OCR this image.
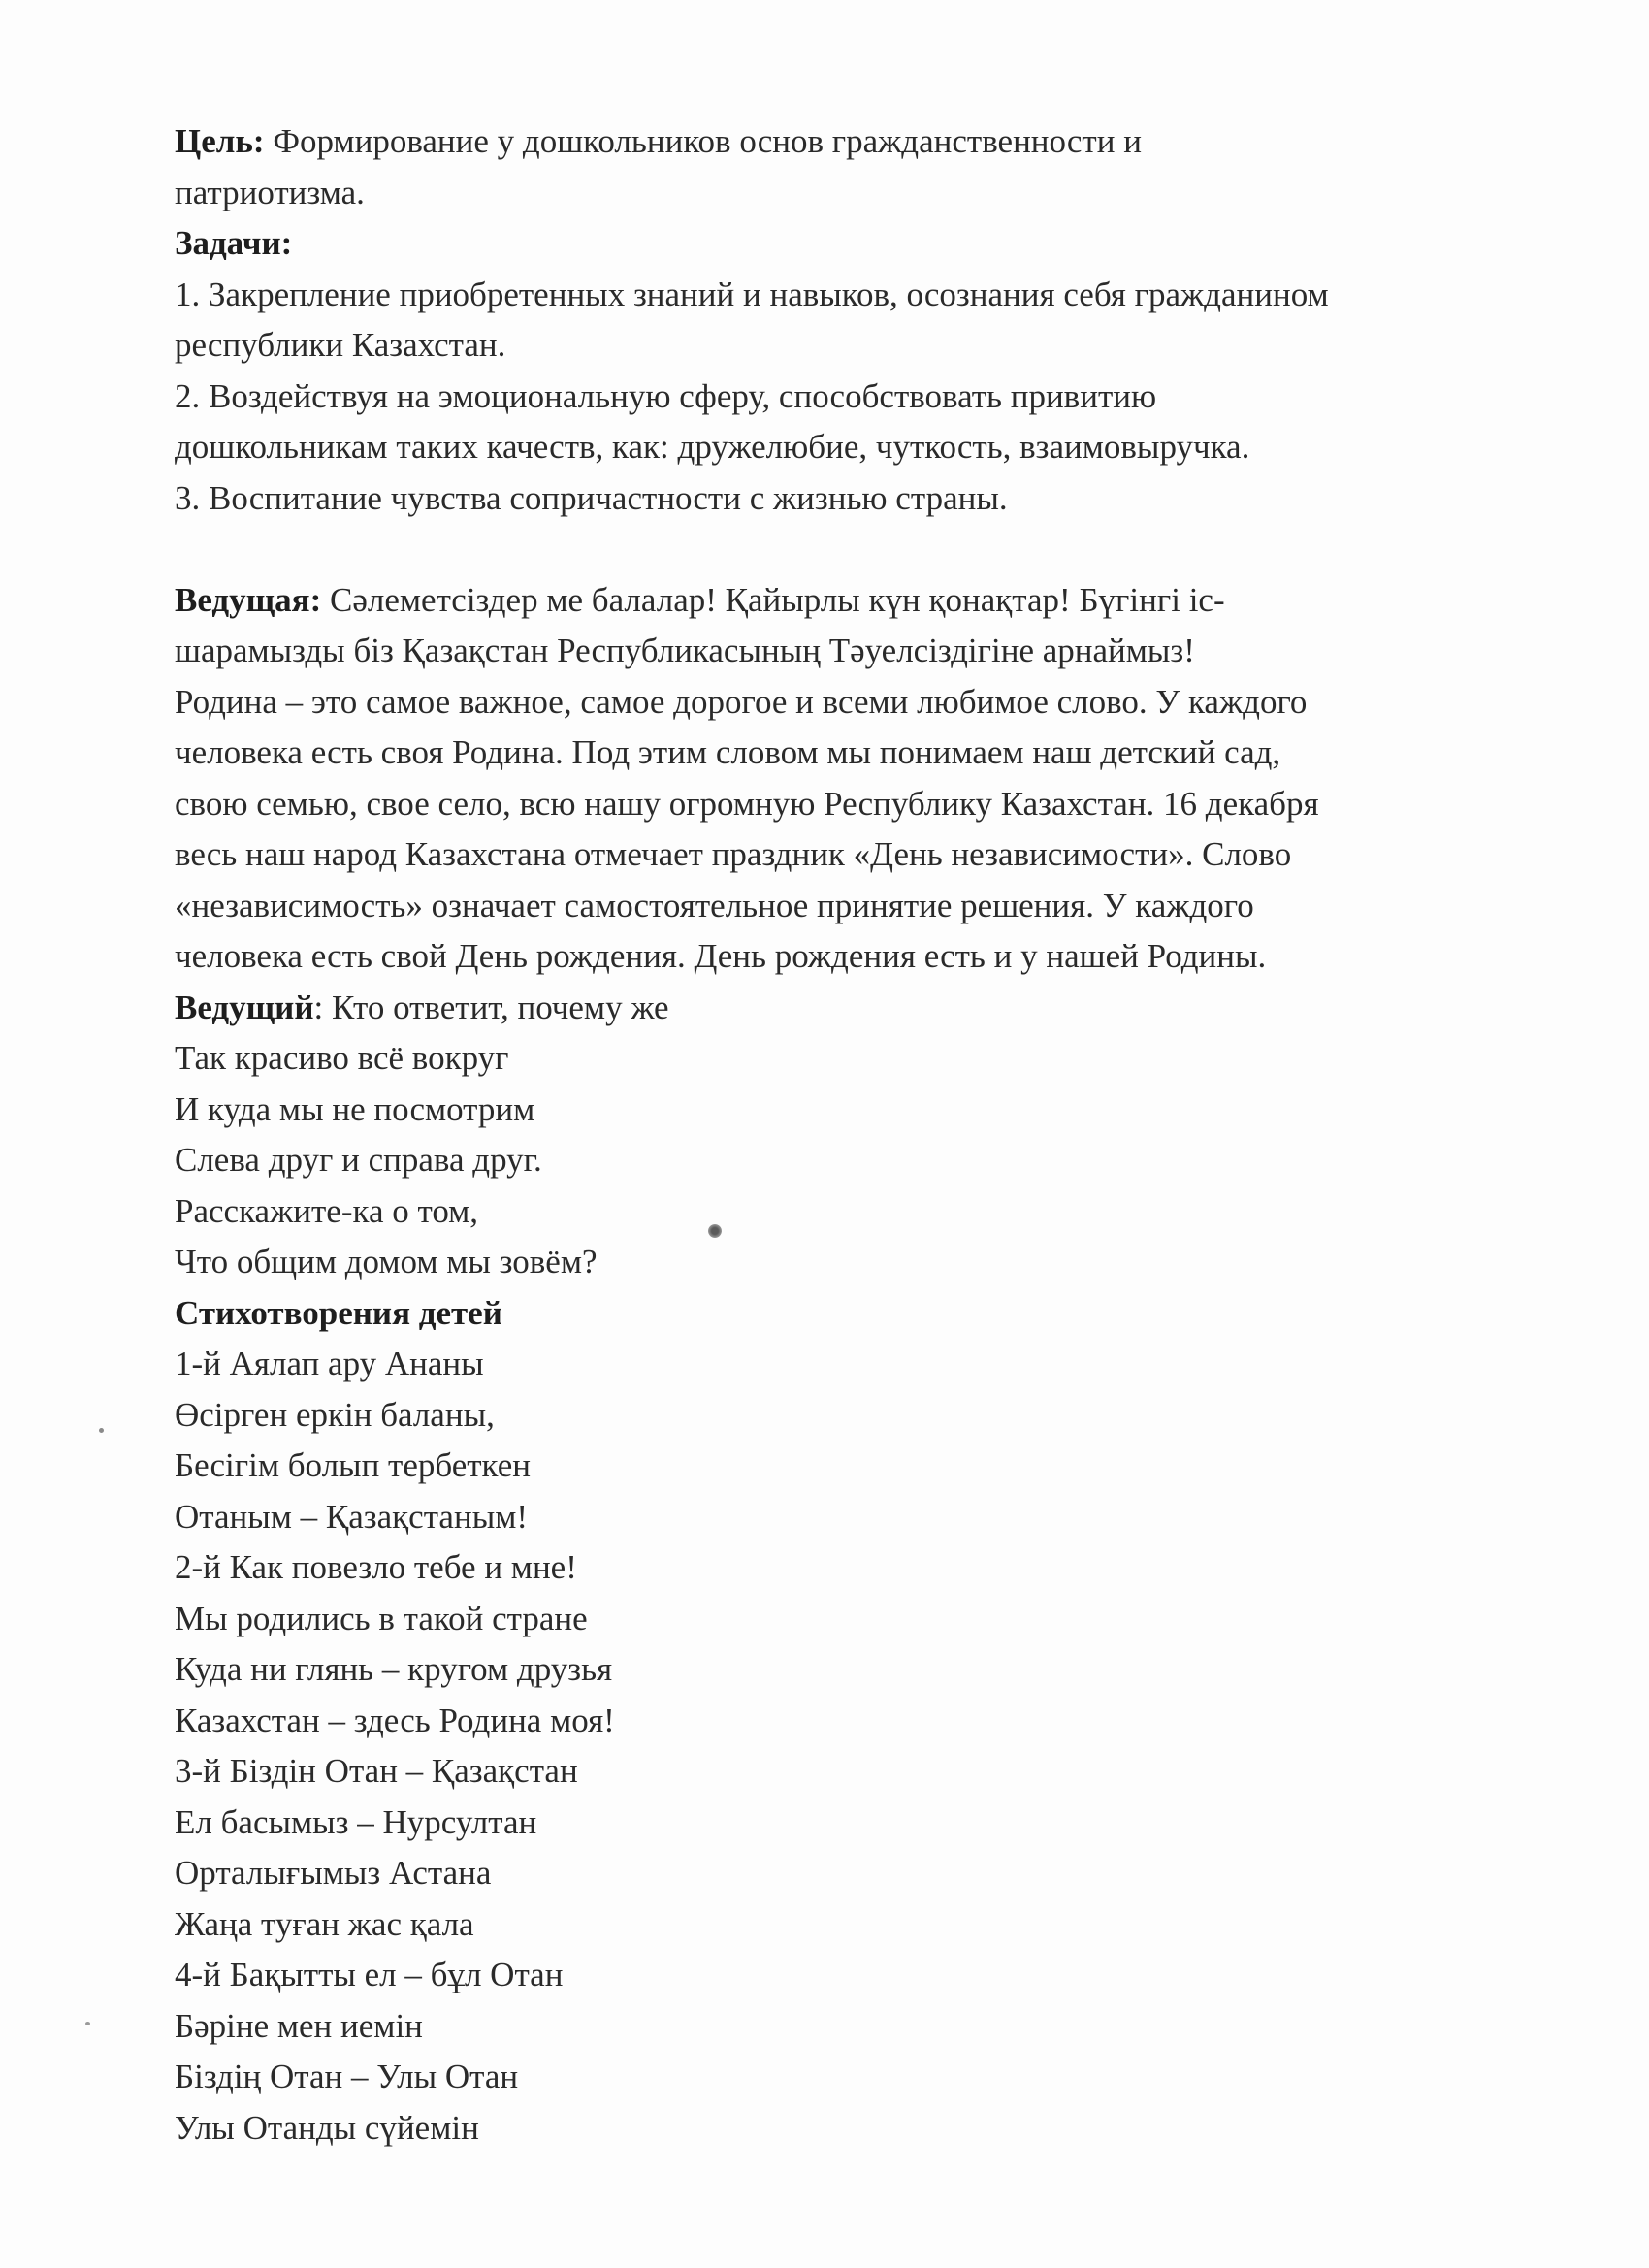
Цель: Формирование у дошкольников основ гражданственности и

патриотизма.

Задачи:

1. Закрепление приобретенных знаний и навыков, осознания себя гражданином

республики Казахстан.

2. Воздействуя на эмоциональную сферу, способствовать привитию

дошкольникам таких качеств, как: дружелюбие, чуткость, взаимовыручка.

3. Воспитание чувства сопричастности с жизнью страны.

Ведущая: Сәлеметсіздер ме балалар! Қайырлы күн қонақтар! Бүгінгі іс-

шарамызды біз Қазақстан Республикасының Тәуелсіздігіне арнаймыз!

Родина – это самое важное, самое дорогое и всеми любимое слово. У каждого

человека есть своя Родина. Под этим словом мы понимаем наш детский сад,

свою семью, свое село, всю нашу огромную Республику Казахстан. 16 декабря

весь наш народ Казахстана отмечает праздник «День независимости». Слово

«независимость» означает самостоятельное принятие решения. У каждого

человека есть свой День рождения. День рождения есть и у нашей Родины.

Ведущий: Кто ответит, почему же

Так красиво всё вокруг

И куда мы не посмотрим

Слева друг и справа друг.

Расскажите-ка о том,

Что общим домом мы зовём?

Стихотворения детей

1-й Аялап ару Ананы

Өсірген еркін баланы,

Бесігім болып тербеткен

Отаным – Қазақстаным!

2-й Как повезло тебе и мне!

Мы родились в такой стране

Куда ни глянь – кругом друзья

Казахстан – здесь Родина моя!

3-й Біздін Отан – Қазақстан

Ел басымыз – Нурсултан

Орталығымыз Астана

Жаңа туған жас қала

4-й Бақытты ел – бұл Отан

Бәріне мен иемін

Біздің Отан – Улы Отан

Улы Отанды сүйемін
